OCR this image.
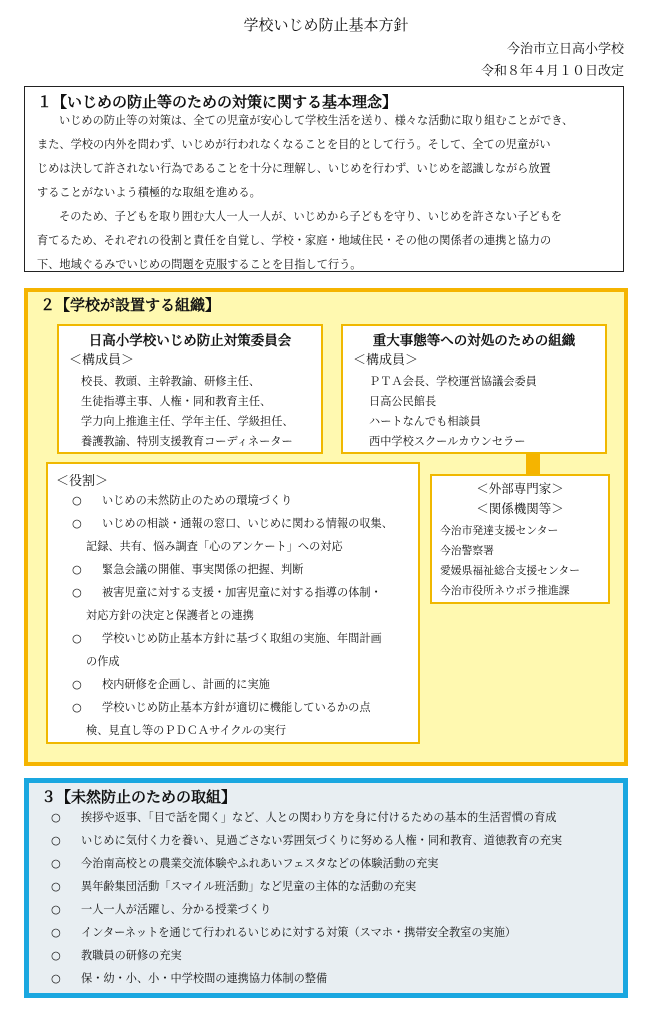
学校いじめ防止基本方針
今治市立日高小学校
令和８年４月１０日改定
１【いじめの防止等のための対策に関する基本理念】

いじめの防止等の対策は、全ての児童が安心して学校生活を送り、様々な活動に取り組むことができ、
また、学校の内外を問わず、いじめが行われなくなることを目的として行う。そして、全ての児童がい
じめは決して許されない行為であることを十分に理解し、いじめを行わず、いじめを認識しながら放置
することがないよう積極的な取組を進める。

そのため、子どもを取り囲む大人一人一人が、いじめから子どもを守り、いじめを許さない子どもを
育てるため、それぞれの役割と責任を自覚し、学校・家庭・地域住民・その他の関係者の連携と協力の
下、地域ぐるみでいじめの問題を克服することを目指して行う。

２【学校が設置する組織】
日高小学校いじめ防止対策委員会
＜構成員＞
校長、教頭、主幹教諭、研修主任、
生徒指導主事、人権・同和教育主任、
学力向上推進主任、学年主任、学級担任、
養護教諭、特別支援教育コーディネーター
重大事態等への対処のための組織
＜構成員＞
ＰＴＡ会長、学校運営協議会委員
日高公民館長
ハートなんでも相談員
西中学校スクールカウンセラー
＜役割＞
○ いじめの未然防止のための環境づくり
○ いじめの相談・通報の窓口、いじめに関わる情報の収集、
記録、共有、悩み調査「心のアンケート」への対応
○ 緊急会議の開催、事実関係の把握、判断
○ 被害児童に対する支援・加害児童に対する指導の体制・
対応方針の決定と保護者との連携
○ 学校いじめ防止基本方針に基づく取組の実施、年間計画
の作成
○ 校内研修を企画し、計画的に実施
○ 学校いじめ防止基本方針が適切に機能しているかの点
検、見直し等のＰＤＣＡサイクルの実行
＜外部専門家＞
＜関係機関等＞
今治市発達支援センター
今治警察署
愛媛県福祉総合支援センター
今治市役所ネウボラ推進課
３【未然防止のための取組】
○ 挨拶や返事、「目で話を聞く」など、人との関わり方を身に付けるための基本的生活習慣の育成
○ いじめに気付く力を養い、見過ごさない雰囲気づくりに努める人権・同和教育、道徳教育の充実
○ 今治南高校との農業交流体験やふれあいフェスタなどの体験活動の充実
○ 異年齢集団活動「スマイル班活動」など児童の主体的な活動の充実
○ 一人一人が活躍し、分かる授業づくり
○ インターネットを通じて行われるいじめに対する対策（スマホ・携帯安全教室の実施）
○ 教職員の研修の充実
○ 保・幼・小、小・中学校間の連携協力体制の整備
